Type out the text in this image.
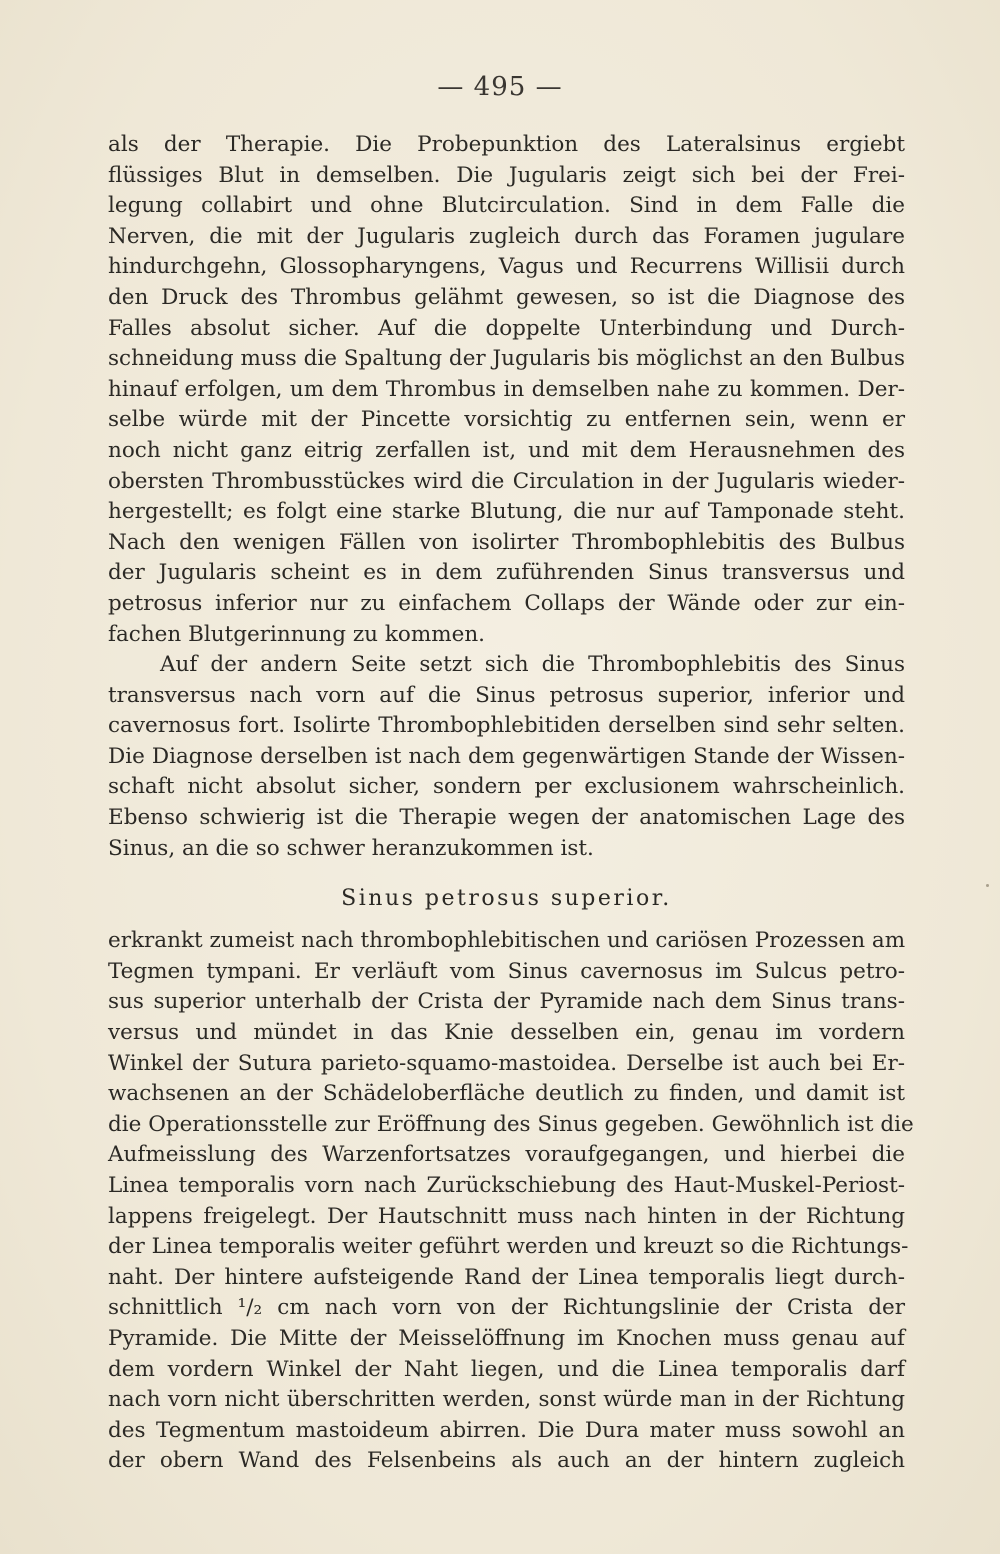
— 495 —
als der Therapie. Die Probepunktion des Lateralsinus ergiebt
flüssiges Blut in demselben. Die Jugularis zeigt sich bei der Frei-
legung collabirt und ohne Blutcirculation. Sind in dem Falle die
Nerven, die mit der Jugularis zugleich durch das Foramen jugulare
hindurchgehn, Glossopharyngens, Vagus und Recurrens Willisii durch
den Druck des Thrombus gelähmt gewesen, so ist die Diagnose des
Falles absolut sicher. Auf die doppelte Unterbindung und Durch-
schneidung muss die Spaltung der Jugularis bis möglichst an den Bulbus
hinauf erfolgen, um dem Thrombus in demselben nahe zu kommen. Der-
selbe würde mit der Pincette vorsichtig zu entfernen sein, wenn er
noch nicht ganz eitrig zerfallen ist, und mit dem Herausnehmen des
obersten Thrombusstückes wird die Circulation in der Jugularis wieder-
hergestellt; es folgt eine starke Blutung, die nur auf Tamponade steht.
Nach den wenigen Fällen von isolirter Thrombophlebitis des Bulbus
der Jugularis scheint es in dem zuführenden Sinus transversus und
petrosus inferior nur zu einfachem Collaps der Wände oder zur ein-
fachen Blutgerinnung zu kommen.
Auf der andern Seite setzt sich die Thrombophlebitis des Sinus
transversus nach vorn auf die Sinus petrosus superior, inferior und
cavernosus fort. Isolirte Thrombophlebitiden derselben sind sehr selten.
Die Diagnose derselben ist nach dem gegenwärtigen Stande der Wissen-
schaft nicht absolut sicher, sondern per exclusionem wahrscheinlich.
Ebenso schwierig ist die Therapie wegen der anatomischen Lage des
Sinus, an die so schwer heranzukommen ist.
Sinus petrosus superior.
erkrankt zumeist nach thrombophlebitischen und cariösen Prozessen am
Tegmen tympani. Er verläuft vom Sinus cavernosus im Sulcus petro-
sus superior unterhalb der Crista der Pyramide nach dem Sinus trans-
versus und mündet in das Knie desselben ein, genau im vordern
Winkel der Sutura parieto-squamo-mastoidea. Derselbe ist auch bei Er-
wachsenen an der Schädeloberfläche deutlich zu finden, und damit ist
die Operationsstelle zur Eröffnung des Sinus gegeben. Gewöhnlich ist die
Aufmeisslung des Warzenfortsatzes voraufgegangen, und hierbei die
Linea temporalis vorn nach Zurückschiebung des Haut-Muskel-Periost-
lappens freigelegt. Der Hautschnitt muss nach hinten in der Richtung
der Linea temporalis weiter geführt werden und kreuzt so die Richtungs-
naht. Der hintere aufsteigende Rand der Linea temporalis liegt durch-
schnittlich ¹/₂ cm nach vorn von der Richtungslinie der Crista der
Pyramide. Die Mitte der Meisselöffnung im Knochen muss genau auf
dem vordern Winkel der Naht liegen, und die Linea temporalis darf
nach vorn nicht überschritten werden, sonst würde man in der Richtung
des Tegmentum mastoideum abirren. Die Dura mater muss sowohl an
der obern Wand des Felsenbeins als auch an der hintern zugleich
